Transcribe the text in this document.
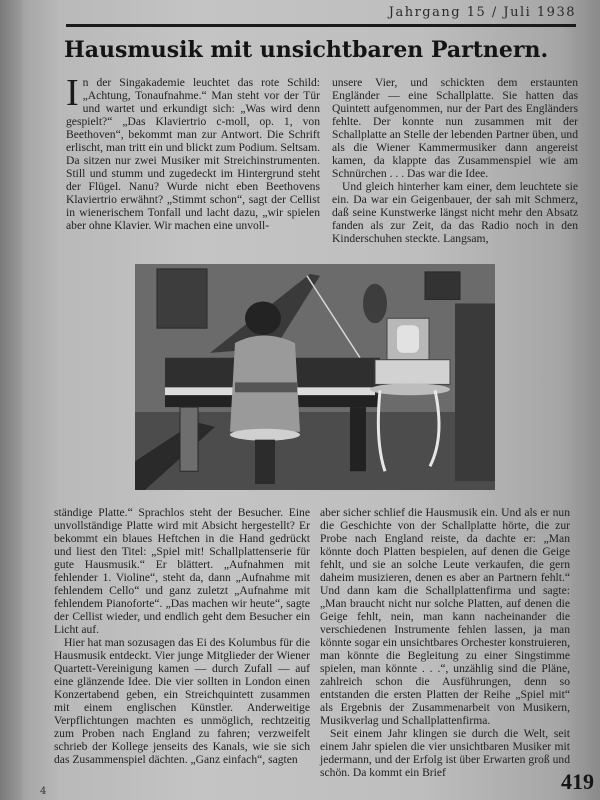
Jahrgang 15 / Juli 1938
Hausmusik mit unsichtbaren Partnern.

In der Singakademie leuchtet das rote Schild: „Achtung, Tonaufnahme.“ Man steht vor der Tür und wartet und erkundigt sich: „Was wird denn gespielt?“ „Das Klaviertrio c-moll, op. 1, von Beethoven“, bekommt man zur Antwort. Die Schrift erlischt, man tritt ein und blickt zum Podium. Seltsam. Da sitzen nur zwei Musiker mit Streichinstrumenten. Still und stumm und zugedeckt im Hintergrund steht der Flügel. Nanu? Wurde nicht eben Beethovens Klaviertrio erwähnt? „Stimmt schon“, sagt der Cellist in wienerischem Tonfall und lacht dazu, „wir spielen aber ohne Klavier. Wir machen eine unvoll-

unsere Vier, und schickten dem erstaunten Engländer — eine Schallplatte. Sie hatten das Quintett aufgenommen, nur der Part des Engländers fehlte. Der konnte nun zusammen mit der Schallplatte an Stelle der lebenden Partner üben, und als die Wiener Kammermusiker dann angereist kamen, da klappte das Zusammenspiel wie am Schnürchen . . . Das war die Idee.

Und gleich hinterher kam einer, dem leuchtete sie ein. Da war ein Geigenbauer, der sah mit Schmerz, daß seine Kunstwerke längst nicht mehr den Absatz fanden als zur Zeit, da das Radio noch in den Kinderschuhen steckte. Langsam,

ständige Platte.“ Sprachlos steht der Besucher. Eine unvollständige Platte wird mit Absicht hergestellt? Er bekommt ein blaues Heftchen in die Hand gedrückt und liest den Titel: „Spiel mit! Schallplattenserie für gute Hausmusik.“ Er blättert. „Aufnahmen mit fehlender 1. Violine“, steht da, dann „Aufnahme mit fehlendem Cello“ und ganz zuletzt „Aufnahme mit fehlendem Pianoforte“. „Das machen wir heute“, sagte der Cellist wieder, und endlich geht dem Besucher ein Licht auf.

Hier hat man sozusagen das Ei des Kolumbus für die Hausmusik entdeckt. Vier junge Mitglieder der Wiener Quartett-Vereinigung kamen — durch Zufall — auf eine glänzende Idee. Die vier sollten in London einen Konzertabend geben, ein Streichquintett zusammen mit einem englischen Künstler. Anderweitige Verpflichtungen machten es unmöglich, rechtzeitig zum Proben nach England zu fahren; verzweifelt schrieb der Kollege jenseits des Kanals, wie sie sich das Zusammenspiel dächten. „Ganz einfach“, sagten

aber sicher schlief die Hausmusik ein. Und als er nun die Geschichte von der Schallplatte hörte, die zur Probe nach England reiste, da dachte er: „Man könnte doch Platten bespielen, auf denen die Geige fehlt, und sie an solche Leute verkaufen, die gern daheim musizieren, denen es aber an Partnern fehlt.“ Und dann kam die Schallplattenfirma und sagte: „Man braucht nicht nur solche Platten, auf denen die Geige fehlt, nein, man kann nacheinander die verschiedenen Instrumente fehlen lassen, ja man könnte sogar ein unsichtbares Orchester konstruieren, man könnte die Begleitung zu einer Singstimme spielen, man könnte . . .“, unzählig sind die Pläne, zahlreich schon die Ausführungen, denn so entstanden die ersten Platten der Reihe „Spiel mit“ als Ergebnis der Zusammenarbeit von Musikern, Musikverlag und Schallplattenfirma.

Seit einem Jahr klingen sie durch die Welt, seit einem Jahr spielen die vier unsichtbaren Musiker mit jedermann, und der Erfolg ist über Erwarten groß und schön. Da kommt ein Brief	419
4
